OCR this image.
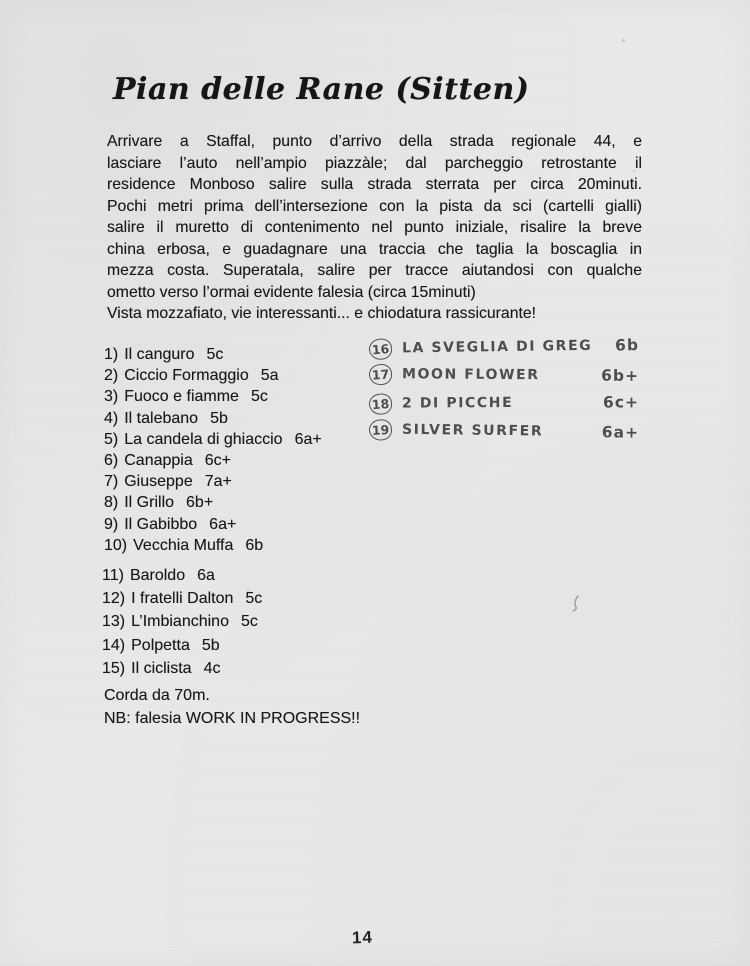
Pian delle Rane (Sitten)
Arrivare a Staffal, punto d’arrivo della strada regionale 44, e
lasciare l’auto nell’ampio piazzàle; dal parcheggio retrostante il
residence Monboso salire sulla strada sterrata per circa 20minuti.
Pochi metri prima dell’intersezione con la pista da sci (cartelli gialli)
salire il muretto di contenimento nel punto iniziale, risalire la breve
china erbosa, e guadagnare una traccia che taglia la boscaglia in
mezza costa. Superatala, salire per tracce aiutandosi con qualche
ometto verso l’ormai evidente falesia (circa 15minuti)
Vista mozzafiato, vie interessanti... e chiodatura rassicurante!
1) Il canguro 5c
2) Ciccio Formaggio 5a
3) Fuoco e fiamme 5c
4) Il talebano 5b
5) La candela di ghiaccio 6a+
6) Canappia 6c+
7) Giuseppe 7a+
8) Il Grillo 6b+
9) Il Gabibbo 6a+
10) Vecchia Muffa 6b
16 LA SVEGLIA DI GREG	6b
17 MOON FLOWER	6b+
18 2 DI PICCHE	6c+
19 SILVER SURFER	6a+
11) Baroldo 6a
12) I fratelli Dalton 5c
13) L’Imbianchino 5c
14) Polpetta 5b
15) Il ciclista 4c
Corda da 70m.
NB: falesia WORK IN PROGRESS!!
14
